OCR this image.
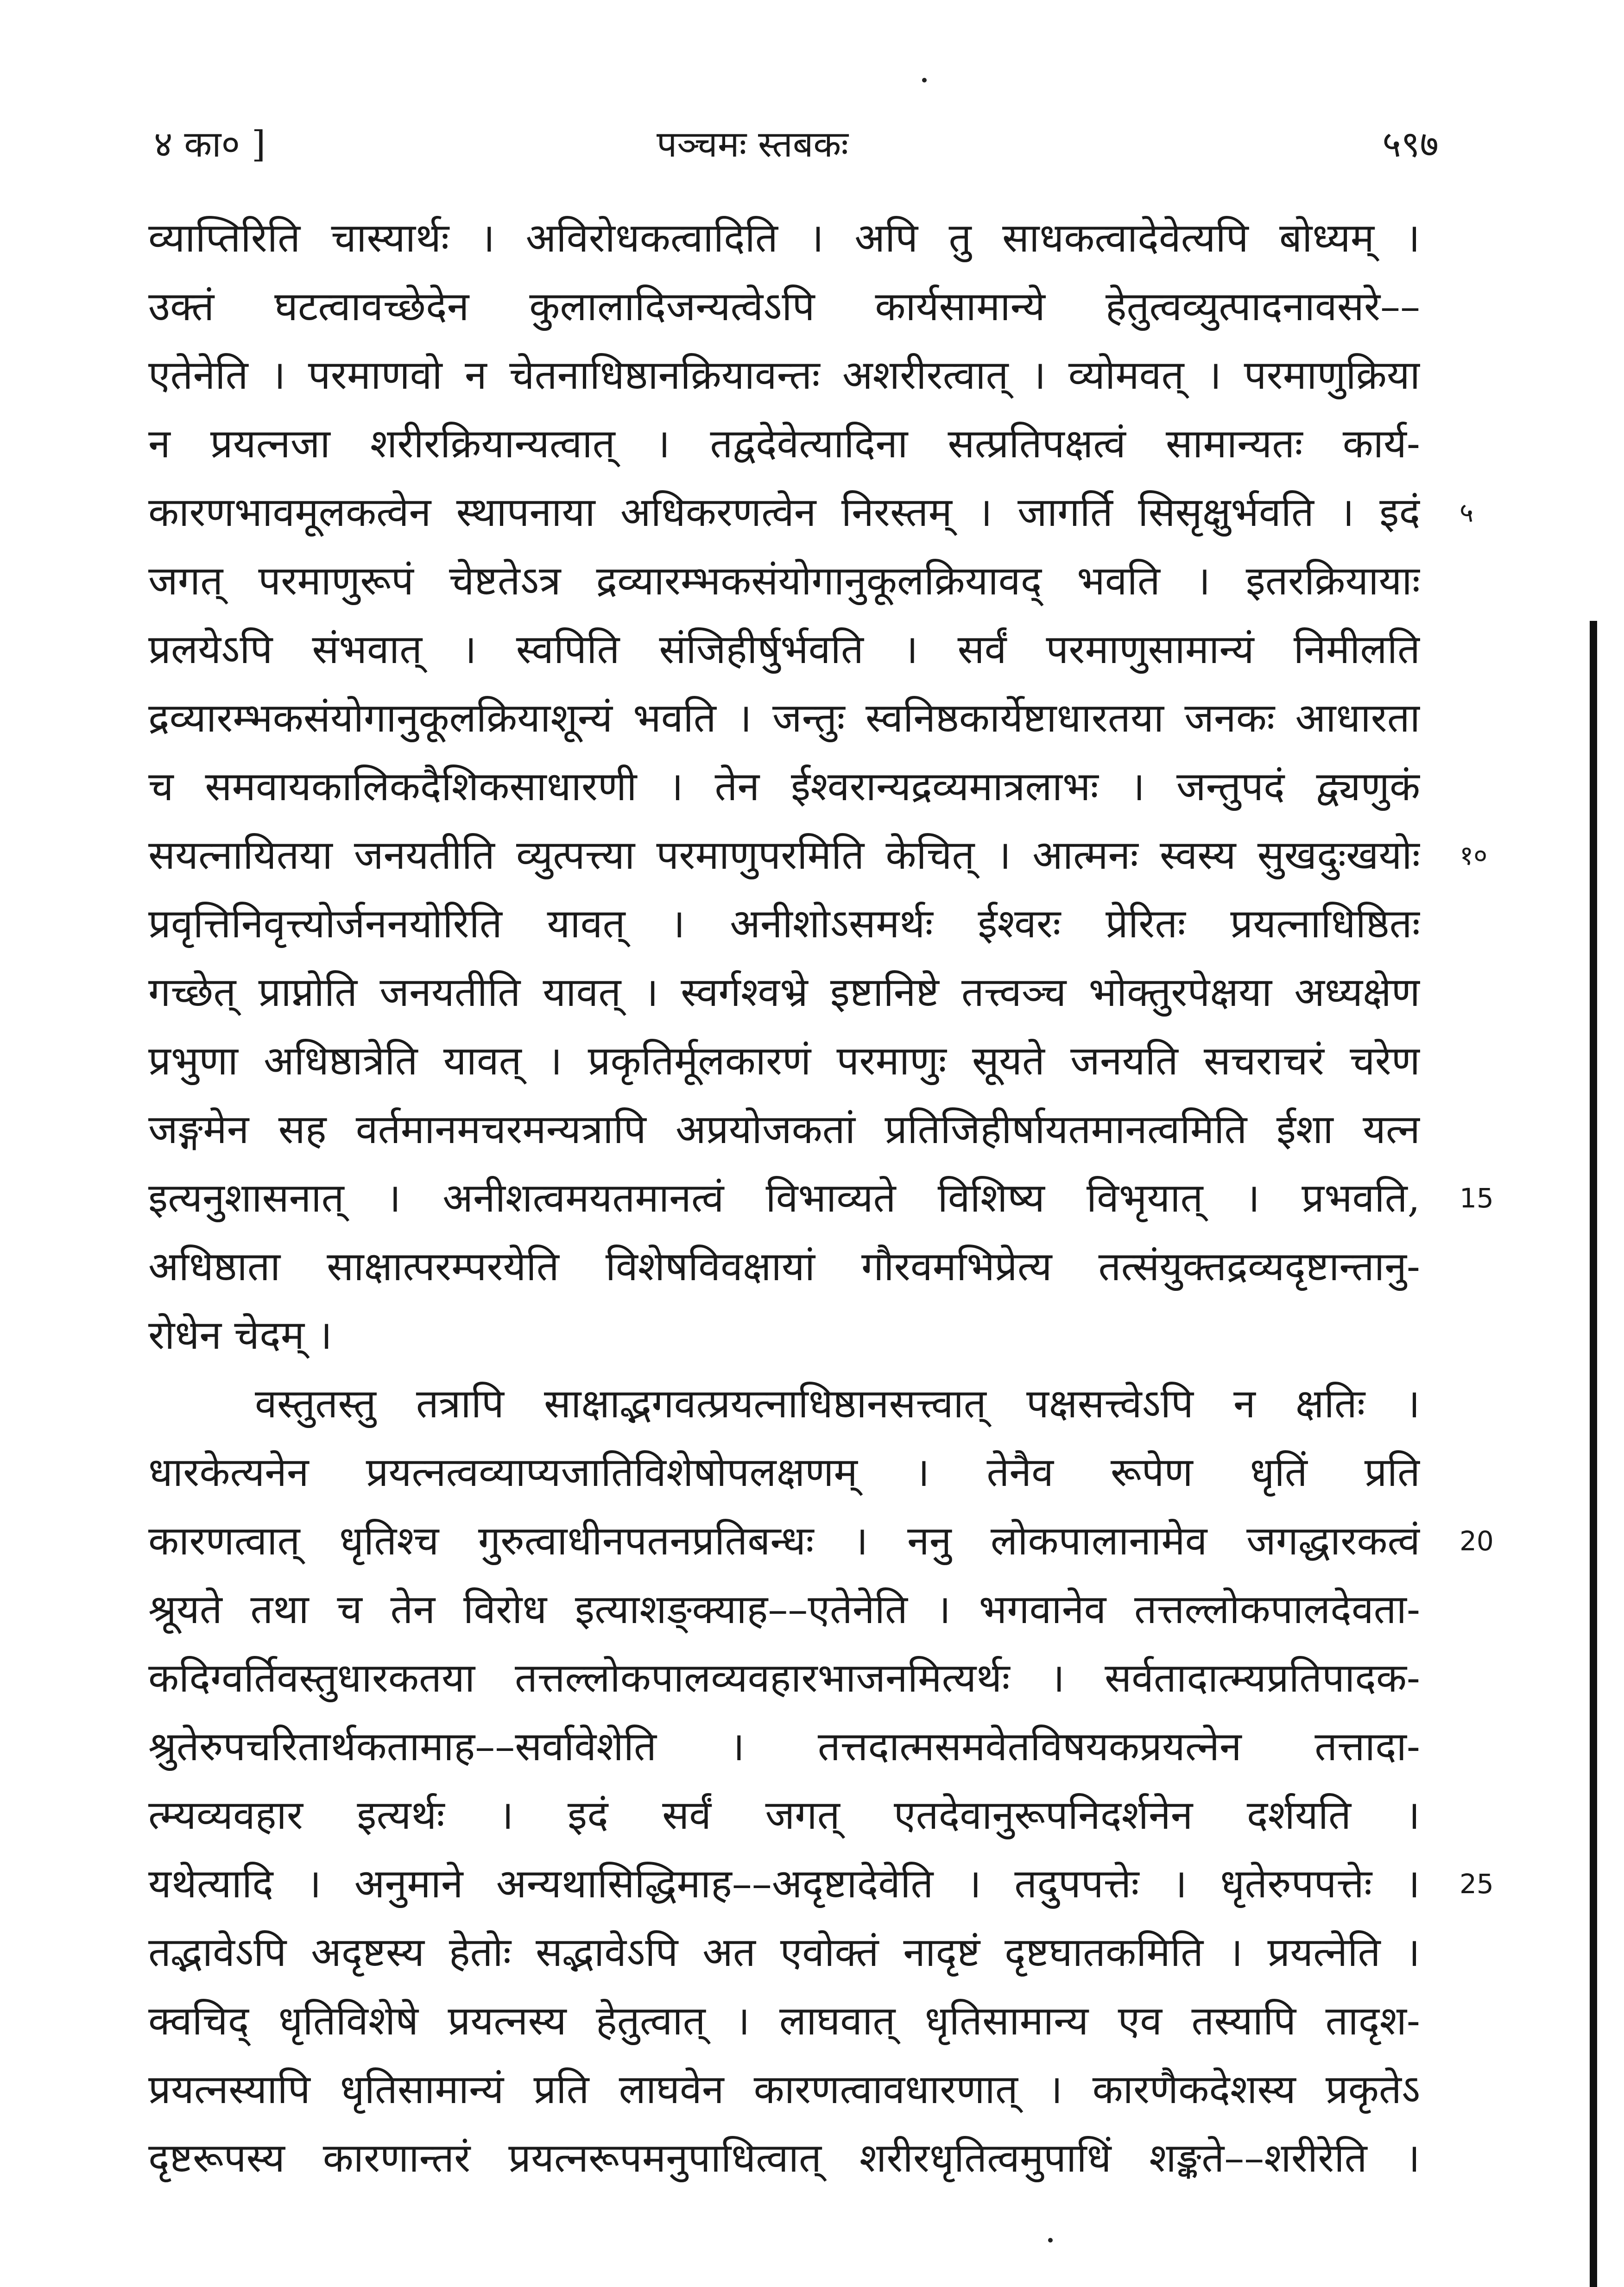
४ का० ]	पञ्चमः स्तबकः	५९७
व्याप्तिरिति चास्यार्थः । अविरोधकत्वादिति । अपि तु साधकत्वादेवेत्यपि बोध्यम् ।
उक्तं घटत्वावच्छेदेन कुलालादिजन्यत्वेऽपि कार्यसामान्ये हेतुत्वव्युत्पादनावसरे––
एतेनेति । परमाणवो न चेतनाधिष्ठानक्रियावन्तः अशरीरत्वात् । व्योमवत् । परमाणुक्रिया
न प्रयत्नजा शरीरक्रियान्यत्वात् । तद्वदेवेत्यादिना सत्प्रतिपक्षत्वं सामान्यतः कार्य-
कारणभावमूलकत्वेन स्थापनाया अधिकरणत्वेन निरस्तम् । जागर्ति सिसृक्षुर्भवति । इदं
जगत् परमाणुरूपं चेष्टतेऽत्र द्रव्यारम्भकसंयोगानुकूलक्रियावद् भवति । इतरक्रियायाः
प्रलयेऽपि संभवात् । स्वपिति संजिहीर्षुर्भवति । सर्वं परमाणुसामान्यं निमीलति
द्रव्यारम्भकसंयोगानुकूलक्रियाशून्यं भवति । जन्तुः स्वनिष्ठकार्येष्टाधारतया जनकः आधारता
च समवायकालिकदैशिकसाधारणी । तेन ईश्वरान्यद्रव्यमात्रलाभः । जन्तुपदं द्व्यणुकं
सयत्नायितया जनयतीति व्युत्पत्त्या परमाणुपरमिति केचित् । आत्मनः स्वस्य सुखदुःखयोः
प्रवृत्तिनिवृत्त्योर्जननयोरिति यावत् । अनीशोऽसमर्थः ईश्वरः प्रेरितः प्रयत्नाधिष्ठितः
गच्छेत् प्राप्नोति जनयतीति यावत् । स्वर्गश्वभ्रे इष्टानिष्टे तत्त्वञ्च भोक्तुरपेक्षया अध्यक्षेण
प्रभुणा अधिष्ठात्रेति यावत् । प्रकृतिर्मूलकारणं परमाणुः सूयते जनयति सचराचरं चरेण
जङ्गमेन सह वर्तमानमचरमन्यत्रापि अप्रयोजकतां प्रतिजिहीर्षायतमानत्वमिति ईशा यत्न
इत्यनुशासनात् । अनीशत्वमयतमानत्वं विभाव्यते विशिष्य विभृयात् । प्रभवति,
अधिष्ठाता साक्षात्परम्परयेति विशेषविवक्षायां गौरवमभिप्रेत्य तत्संयुक्तद्रव्यदृष्टान्तानु-
रोधेन चेदम् ।
वस्तुतस्तु तत्रापि साक्षाद्भगवत्प्रयत्नाधिष्ठानसत्त्वात् पक्षसत्त्वेऽपि न क्षतिः ।
धारकेत्यनेन प्रयत्नत्वव्याप्यजातिविशेषोपलक्षणम् । तेनैव रूपेण धृतिं प्रति
कारणत्वात् धृतिश्च गुरुत्वाधीनपतनप्रतिबन्धः । ननु लोकपालानामेव जगद्धारकत्वं
श्रूयते तथा च तेन विरोध इत्याशङ्क्याह––एतेनेति । भगवानेव तत्तल्लोकपालदेवता-
कदिग्वर्तिवस्तुधारकतया तत्तल्लोकपालव्यवहारभाजनमित्यर्थः । सर्वतादात्म्यप्रतिपादक-
श्रुतेरुपचरितार्थकतामाह––सर्वावेशेति । तत्तदात्मसमवेतविषयकप्रयत्नेन तत्तादा-
त्म्यव्यवहार इत्यर्थः । इदं सर्वं जगत् एतदेवानुरूपनिदर्शनेन दर्शयति ।
यथेत्यादि । अनुमाने अन्यथासिद्धिमाह––अदृष्टादेवेति । तदुपपत्तेः । धृतेरुपपत्तेः ।
तद्भावेऽपि अदृष्टस्य हेतोः सद्भावेऽपि अत एवोक्तं नादृष्टं दृष्टघातकमिति । प्रयत्नेति ।
क्वचिद् धृतिविशेषे प्रयत्नस्य हेतुत्वात् । लाघवात् धृतिसामान्य एव तस्यापि तादृश-
प्रयत्नस्यापि धृतिसामान्यं प्रति लाघवेन कारणत्वावधारणात् । कारणैकदेशस्य प्रकृतेऽ
दृष्टरूपस्य कारणान्तरं प्रयत्नरूपमनुपाधित्वात् शरीरधृतित्वमुपाधिं शङ्कते––शरीरेति ।
५
१०
15
20
25
